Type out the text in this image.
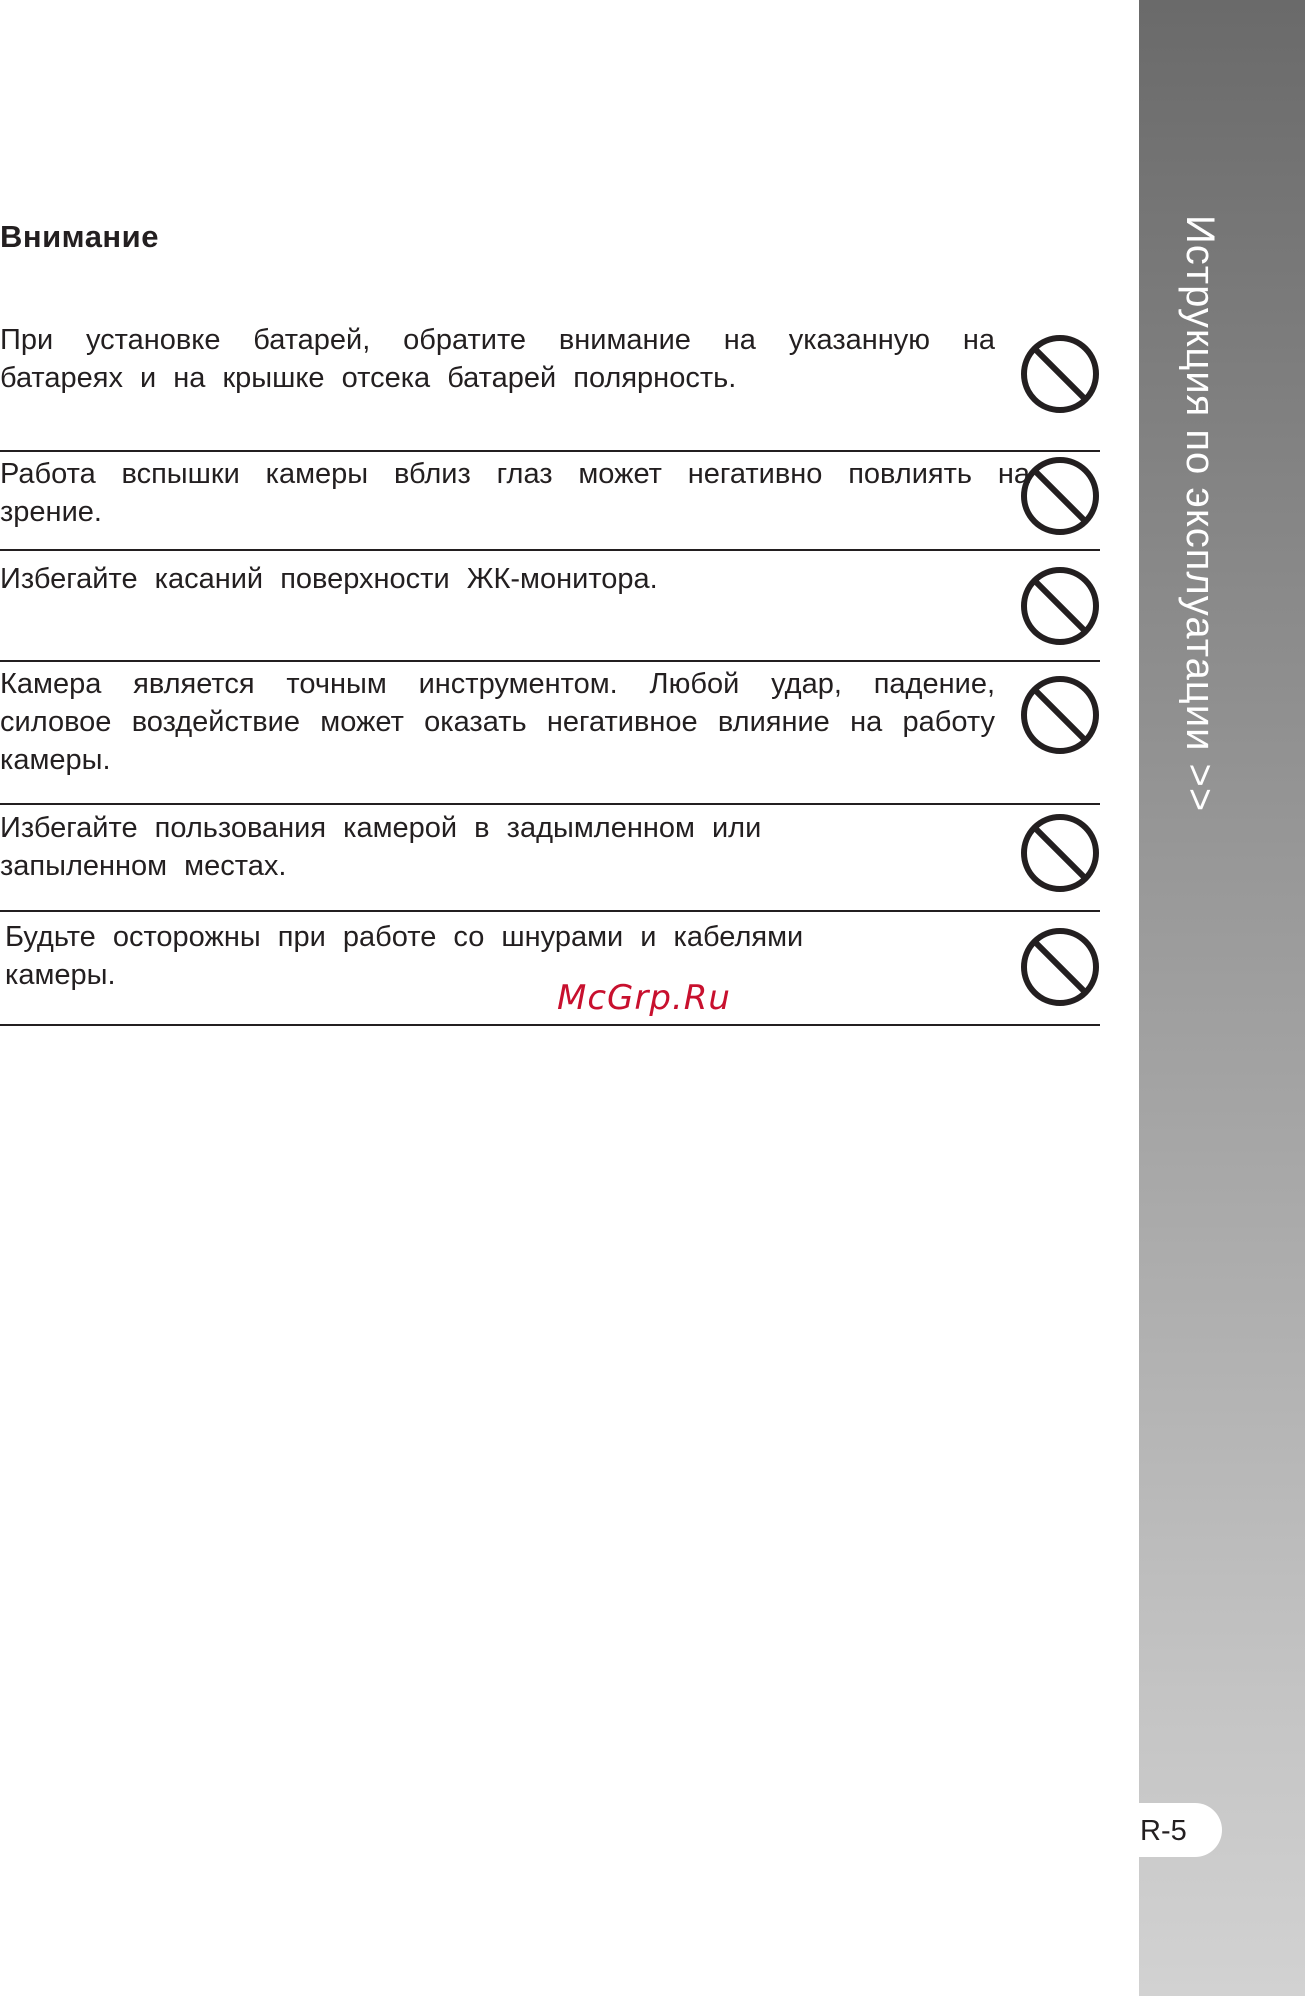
Внимание
При установке батарей, обратите внимание на указанную на батареях и на крышке отсека батарей полярность.
Работа вспышки камеры вблиз глаз может негативно повлиять на зрение.
Избегайте касаний поверхности ЖК-монитора.
Камера является точным инструментом. Любой удар, падение, силовое воздействие может оказать негативное влияние на работу камеры.
Избегайте пользования камерой в задымленном или запыленном местах.
Будьте осторожны при работе со шнурами и кабелями камеры.
McGrp.Ru
Иструкция по эксплуатации >>
R-5
